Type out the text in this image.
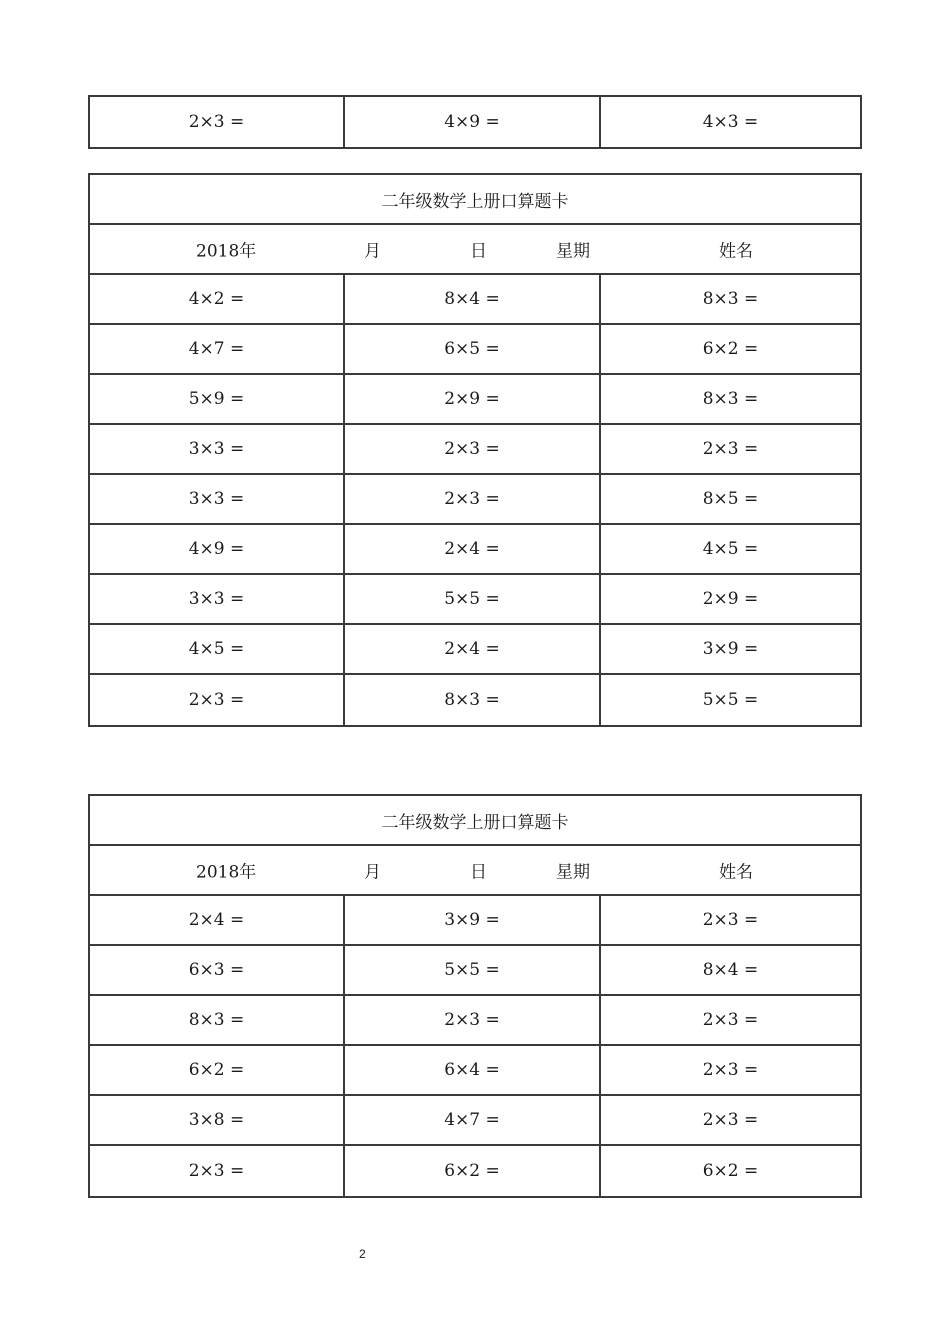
2×3 =	4×9 =	4×3 =
二年级数学上册口算题卡
2018年	月	日	星期	姓名
4×2 =	8×4 =	8×3 =
4×7 =	6×5 =	6×2 =
5×9 =	2×9 =	8×3 =
3×3 =	2×3 =	2×3 =
3×3 =	2×3 =	8×5 =
4×9 =	2×4 =	4×5 =
3×3 =	5×5 =	2×9 =
4×5 =	2×4 =	3×9 =
2×3 =	8×3 =	5×5 =
二年级数学上册口算题卡
2018年	月	日	星期	姓名
2×4 =	3×9 =	2×3 =
6×3 =	5×5 =	8×4 =
8×3 =	2×3 =	2×3 =
6×2 =	6×4 =	2×3 =
3×8 =	4×7 =	2×3 =
2×3 =	6×2 =	6×2 =
2
